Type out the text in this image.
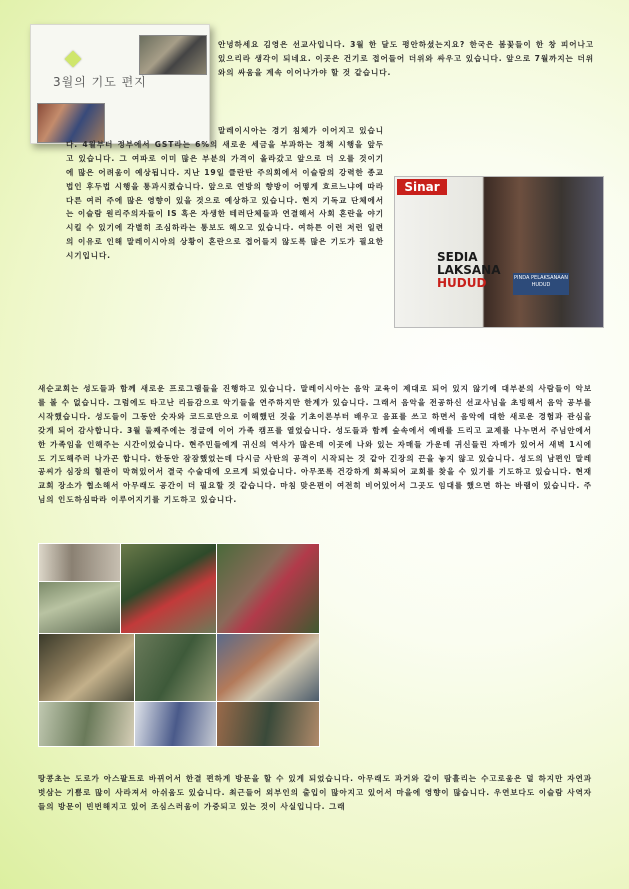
3월의 기도 편지

안녕하세요 김영은 선교사입니다. 3월 한 달도 평안하셨는지요? 한국은 봄꽃들이 한 창 피어나고 있으리라 생각이 되네요. 이곳은 건기로 접어들어 더위와 싸우고 있습니다. 앞으로 7월까지는 더위와의 싸움을 계속 이어나가야 할 것 같습니다.

말레이시아는 경기 침체가 이어지고 있습니다. 4월부터 정부에서 GST라는 6%의 새로운 세금을 부과하는 정책 시행을 앞두고 있습니다. 그 여파로 이미 많은 부분의 가격이 올라갔고 앞으로 더 오를 것이기에 많은 어려움이 예상됩니다. 지난 19일 클란탄 주의회에서 이슬람의 강력한 종교법인 후두법 시행을 통과시켰습니다. 앞으로 연방의 향방이 어떻게 흐르느냐에 따라 다른 여러 주에 많은 영향이 있을 것으로 예상하고 있습니다. 현지 기독교 단체에서는 이슬람 원리주의자들이 IS 혹은 자생한 테러단체들과 연결해서 사회 혼란을 야기시킬 수 있기에 각별히 조심하라는 통보도 해오고 있습니다. 여하튼 이런 저런 일련의 이유로 인해 말레이시아의 상황이 혼란으로 접어들지 않도록 많은 기도가 필요한 시기입니다.

Sinar
SEDIA
LAKSANA
HUDUD	PINDA PELAKSANAAN HUDUD

새순교회는 성도들과 함께 새로운 프로그램들을 진행하고 있습니다. 말레이시아는 음악 교육이 제대로 되어 있지 않기에 대부분의 사람들이 악보를 볼 수 없습니다. 그럼에도 타고난 리듬감으로 악기들을 연주하지만 한계가 있습니다. 그래서 음악을 전공하신 선교사님을 초빙해서 음악 공부를 시작했습니다. 성도들이 그동안 숫자와 코드로만으로 이해했던 것을 기초이론부터 배우고 음표를 쓰고 하면서 음악에 대한 새로운 경험과 관심을 갖게 되어 감사합니다. 3월 둘째주에는 정글에 이어 가족 캠프를 열었습니다. 성도들과 함께 숲속에서 예배를 드리고 교제를 나누면서 주님안에서 한 가족임을 인해주는 시간이었습니다. 현주민들에게 귀신의 역사가 많은데 이곳에 나와 있는 자매들 가운데 귀신들린 자매가 있어서 새벽 1시에도 기도해주러 나가곤 합니다. 한동안 잠잠했었는데 다시금 사탄의 공격이 시작되는 것 같아 긴장의 끈을 놓지 않고 있습니다. 성도의 남편인 말레공씨가 심장의 혈관이 막혀있어서 결국 수술대에 오르게 되었습니다. 아무쪼록 건강하게 회복되어 교회를 찾을 수 있기를 기도하고 있습니다. 현재 교회 장소가 협소해서 아무래도 공간이 더 필요할 것 같습니다. 마침 맞은편이 여전히 비어있어서 그곳도 임대를 했으면 하는 바램이 있습니다. 주님의 인도하심따라 이루어지기를 기도하고 있습니다.

땅콩초는 도로가 아스팔트로 바뀌어서 한결 편하게 방문을 할 수 있게 되었습니다. 아무래도 과거와 같이 땀흘리는 수고로움은 덜 하지만 자연과 벗삼는 기쁨로 많이 사라져서 아쉬움도 있습니다. 최근들어 외부인의 출입이 많아지고 있어서 마을에 영향이 많습니다. 우연보다도 이슬람 사역자들의 방문이 빈번해지고 있어 조심스러움이 가중되고 있는 것이 사실입니다. 그래
